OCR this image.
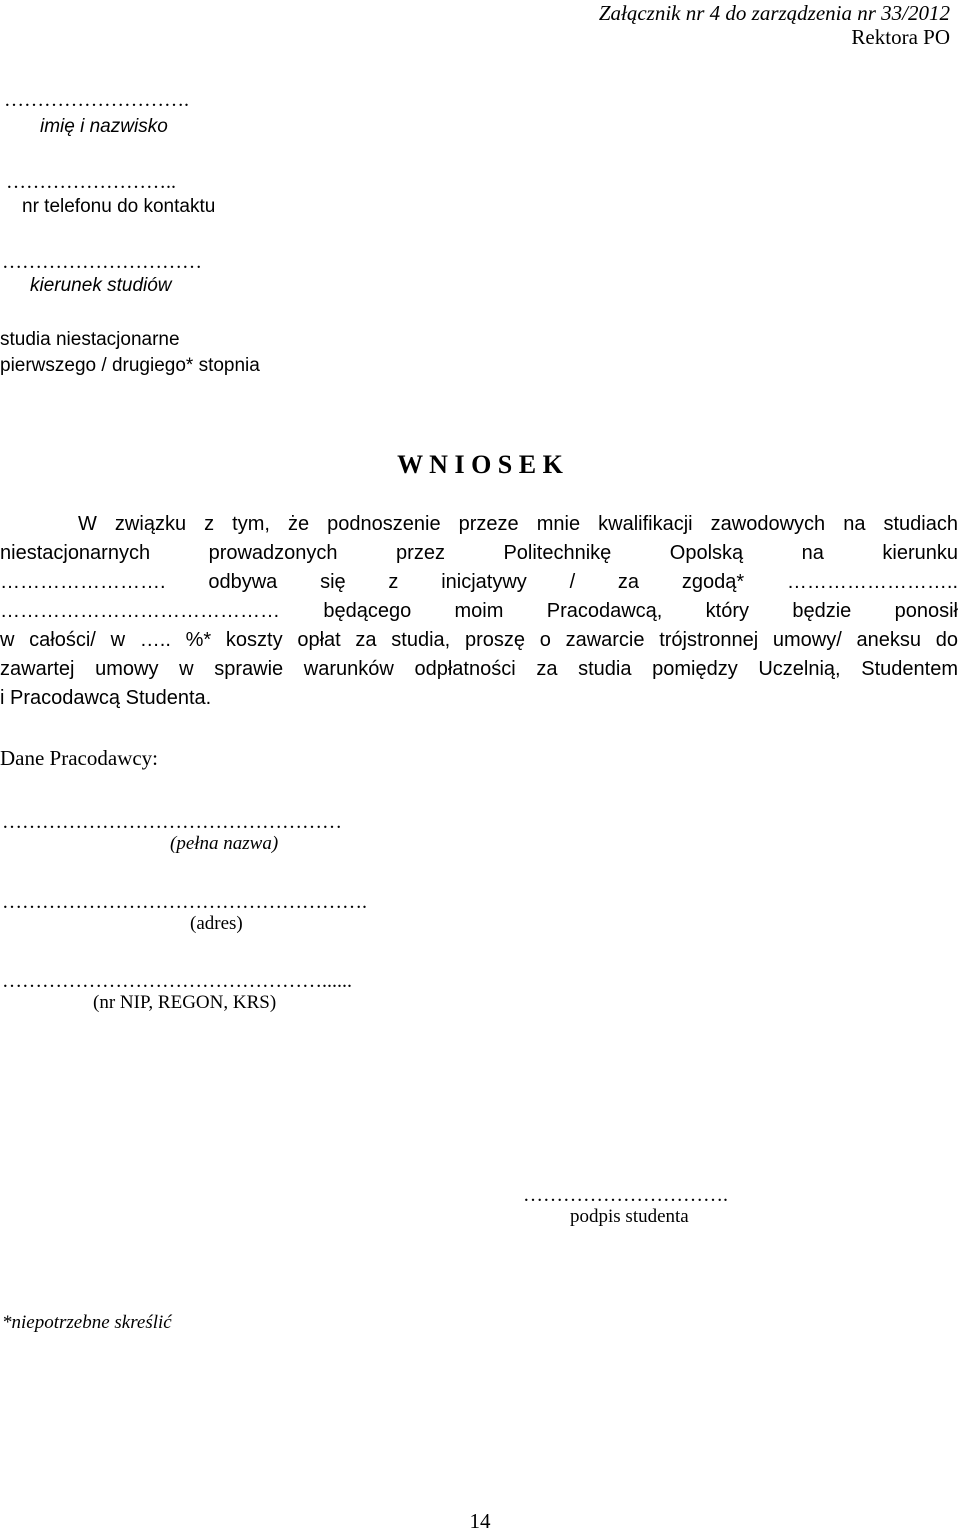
Załącznik nr 4 do zarządzenia nr 33/2012
Rektora PO
……………………….
imię i nazwisko
……………………..
nr telefonu do kontaktu
…………………………
kierunek studiów
studia niestacjonarne
pierwszego / drugiego* stopnia
W N I O S E K
W związku z tym, że podnoszenie przeze mnie kwalifikacji zawodowych na studiach
niestacjonarnych prowadzonych przez Politechnikę Opolską na kierunku
……………………. odbywa się z inicjatywy / za zgodą* ……………………..
…………………………………… będącego moim Pracodawcą, który będzie ponosił
w całości/ w ….. %* koszty opłat za studia, proszę o zawarcie trójstronnej umowy/ aneksu do
zawartej umowy w sprawie warunków odpłatności za studia pomiędzy Uczelnią, Studentem
i Pracodawcą Studenta.
Dane Pracodawcy:
……………………………………………
(pełna nazwa)
……………………………………………….
(adres)
…………………………………………......
(nr NIP, REGON, KRS)
………………………….
podpis studenta
*niepotrzebne skreślić
14
